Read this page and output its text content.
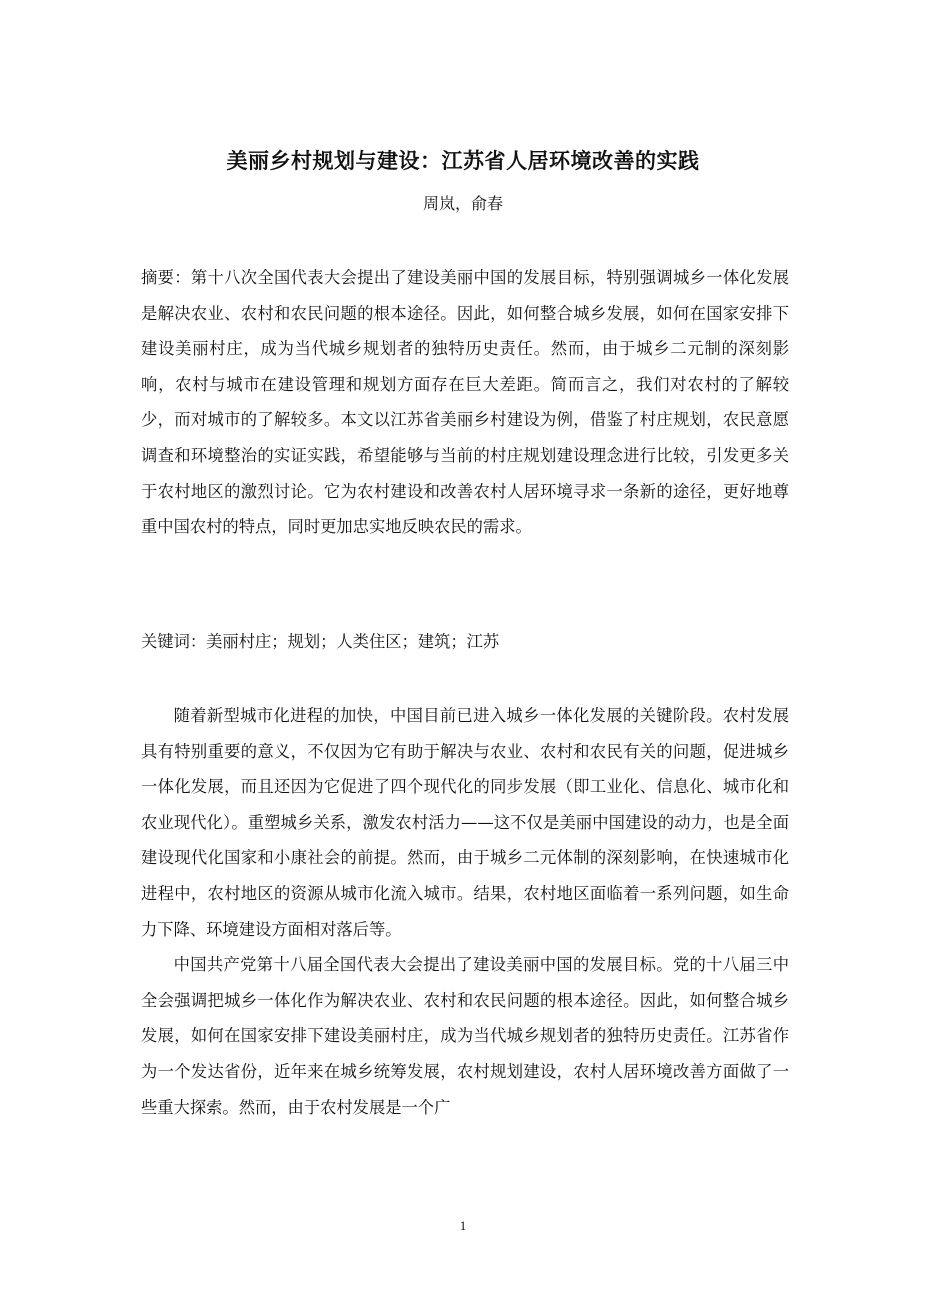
美丽乡村规划与建设：江苏省人居环境改善的实践
周岚，俞春
摘要：第十八次全国代表大会提出了建设美丽中国的发展目标，特别强调城乡一体化发展是解决农业、农村和农民问题的根本途径。因此，如何整合城乡发展，如何在国家安排下建设美丽村庄，成为当代城乡规划者的独特历史责任。然而，由于城乡二元制的深刻影响，农村与城市在建设管理和规划方面存在巨大差距。简而言之，我们对农村的了解较少，而对城市的了解较多。本文以江苏省美丽乡村建设为例，借鉴了村庄规划，农民意愿调查和环境整治的实证实践，希望能够与当前的村庄规划建设理念进行比较，引发更多关于农村地区的激烈讨论。它为农村建设和改善农村人居环境寻求一条新的途径，更好地尊重中国农村的特点，同时更加忠实地反映农民的需求。
关键词：美丽村庄；规划；人类住区；建筑；江苏

随着新型城市化进程的加快，中国目前已进入城乡一体化发展的关键阶段。农村发展具有特别重要的意义，不仅因为它有助于解决与农业、农村和农民有关的问题，促进城乡一体化发展，而且还因为它促进了四个现代化的同步发展（即工业化、信息化、城市化和农业现代化）。重塑城乡关系，激发农村活力——这不仅是美丽中国建设的动力，也是全面建设现代化国家和小康社会的前提。然而，由于城乡二元体制的深刻影响，在快速城市化进程中，农村地区的资源从城市化流入城市。结果，农村地区面临着一系列问题，如生命力下降、环境建设方面相对落后等。

中国共产党第十八届全国代表大会提出了建设美丽中国的发展目标。党的十八届三中全会强调把城乡一体化作为解决农业、农村和农民问题的根本途径。因此，如何整合城乡发展，如何在国家安排下建设美丽村庄，成为当代城乡规划者的独特历史责任。江苏省作为一个发达省份，近年来在城乡统筹发展，农村规划建设，农村人居环境改善方面做了一些重大探索。然而，由于农村发展是一个广

1
